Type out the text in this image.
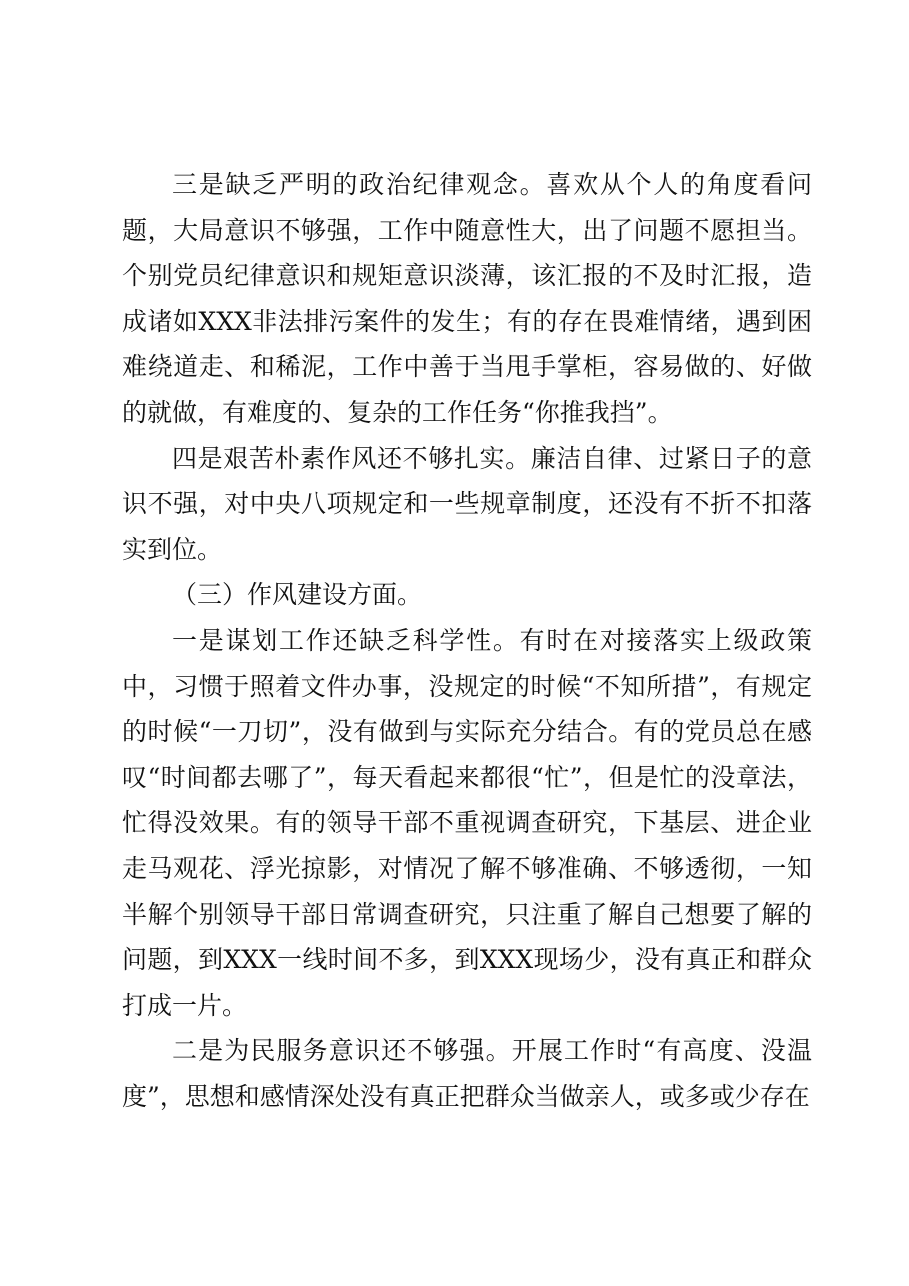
三是缺乏严明的政治纪律观念。喜欢从个人的角度看问题，大局意识不够强，工作中随意性大，出了问题不愿担当。个别党员纪律意识和规矩意识淡薄，该汇报的不及时汇报，造成诸如XXX非法排污案件的发生；有的存在畏难情绪，遇到困难绕道走、和稀泥，工作中善于当甩手掌柜，容易做的、好做的就做，有难度的、复杂的工作任务“你推我挡”。

四是艰苦朴素作风还不够扎实。廉洁自律、过紧日子的意识不强，对中央八项规定和一些规章制度，还没有不折不扣落实到位。

（三）作风建设方面。

一是谋划工作还缺乏科学性。有时在对接落实上级政策中，习惯于照着文件办事，没规定的时候“不知所措”，有规定的时候“一刀切”，没有做到与实际充分结合。有的党员总在感叹“时间都去哪了”，每天看起来都很“忙”，但是忙的没章法，忙得没效果。有的领导干部不重视调查研究，下基层、进企业走马观花、浮光掠影，对情况了解不够准确、不够透彻，一知半解个别领导干部日常调查研究，只注重了解自己想要了解的问题，到XXX一线时间不多，到XXX现场少，没有真正和群众打成一片。

二是为民服务意识还不够强。开展工作时“有高度、没温度”，思想和感情深处没有真正把群众当做亲人，或多或少存在
